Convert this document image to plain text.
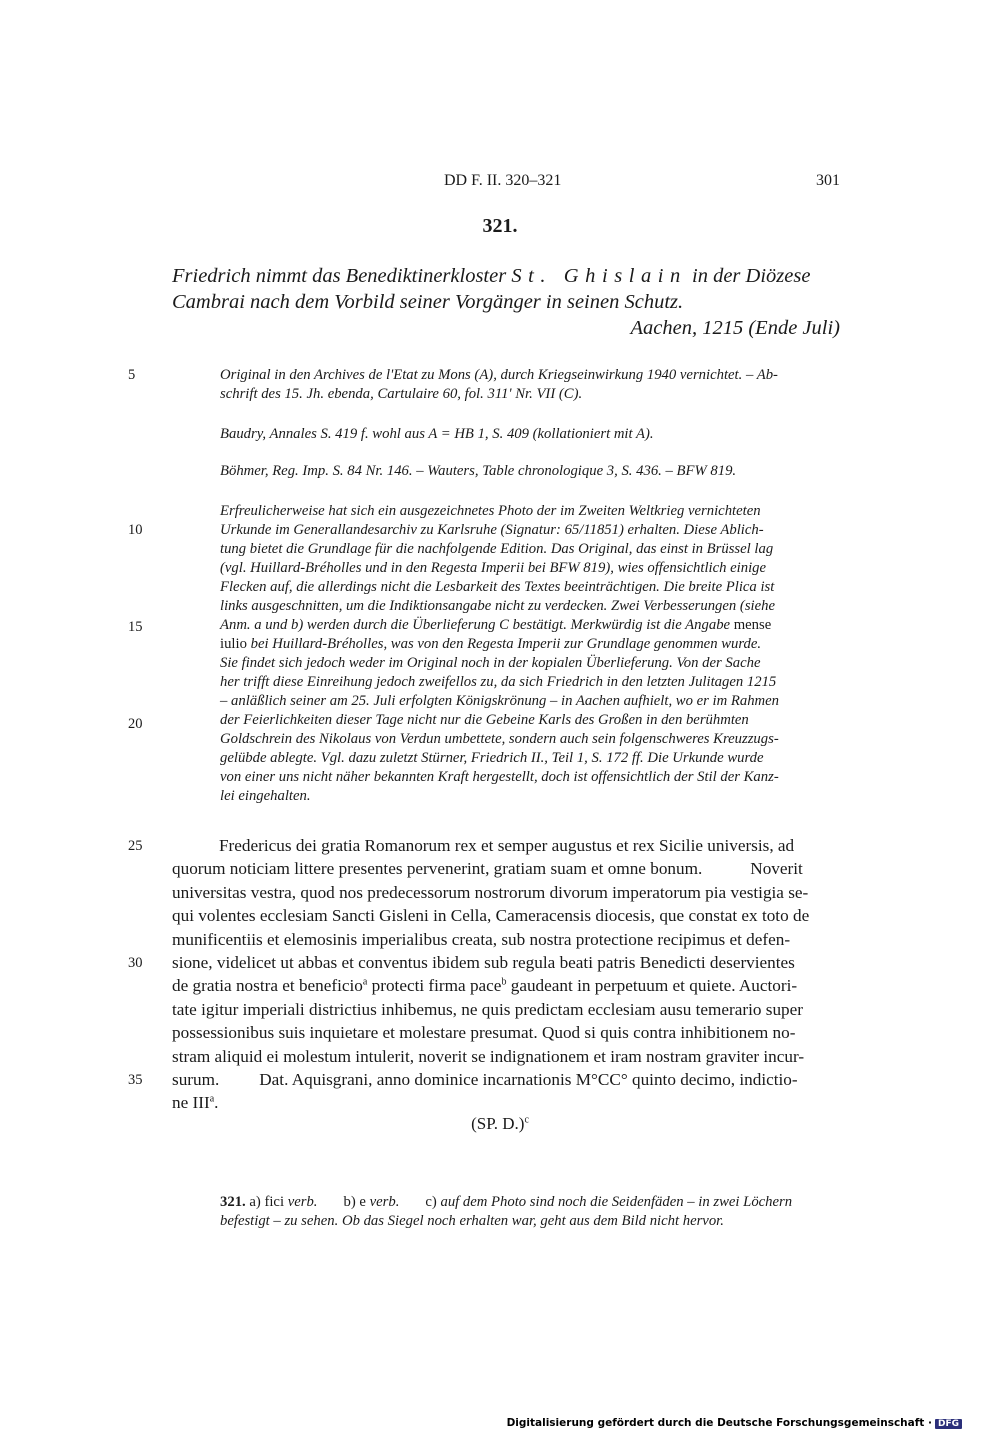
DD F. II. 320–321	301
321.
Friedrich nimmt das Benediktinerkloster St. Ghislain in der Diözese
Cambrai nach dem Vorbild seiner Vorgänger in seinen Schutz.
Aachen, 1215 (Ende Juli)
5
10
15
20
25
30
35
Original in den Archives de l'Etat zu Mons (A), durch Kriegseinwirkung 1940 vernichtet. – Ab-
schrift des 15. Jh. ebenda, Cartulaire 60, fol. 311' Nr. VII (C).
Baudry, Annales S. 419 f. wohl aus A = HB 1, S. 409 (kollationiert mit A).
Böhmer, Reg. Imp. S. 84 Nr. 146. – Wauters, Table chronologique 3, S. 436. – BFW 819.
Erfreulicherweise hat sich ein ausgezeichnetes Photo der im Zweiten Weltkrieg vernichteten
Urkunde im Generallandesarchiv zu Karlsruhe (Signatur: 65/11851) erhalten. Diese Ablich-
tung bietet die Grundlage für die nachfolgende Edition. Das Original, das einst in Brüssel lag
(vgl. Huillard-Bréholles und in den Regesta Imperii bei BFW 819), wies offensichtlich einige
Flecken auf, die allerdings nicht die Lesbarkeit des Textes beeinträchtigen. Die breite Plica ist
links ausgeschnitten, um die Indiktionsangabe nicht zu verdecken. Zwei Verbesserungen (siehe
Anm. a und b) werden durch die Überlieferung C bestätigt. Merkwürdig ist die Angabe mense
iulio bei Huillard-Bréholles, was von den Regesta Imperii zur Grundlage genommen wurde.
Sie findet sich jedoch weder im Original noch in der kopialen Überlieferung. Von der Sache
her trifft diese Einreihung jedoch zweifellos zu, da sich Friedrich in den letzten Julitagen 1215
– anläßlich seiner am 25. Juli erfolgten Königskrönung – in Aachen aufhielt, wo er im Rahmen
der Feierlichkeiten dieser Tage nicht nur die Gebeine Karls des Großen in den berühmten
Goldschrein des Nikolaus von Verdun umbettete, sondern auch sein folgenschweres Kreuzzugs-
gelübde ablegte. Vgl. dazu zuletzt Stürner, Friedrich II., Teil 1, S. 172 ff. Die Urkunde wurde
von einer uns nicht näher bekannten Kraft hergestellt, doch ist offensichtlich der Stil der Kanz-
lei eingehalten.
Fredericus dei gratia Romanorum rex et semper augustus et rex Sicilie universis, ad
quorum noticiam littere presentes pervenerint, gratiam suam et omne bonum.	Noverit
universitas vestra, quod nos predecessorum nostrorum divorum imperatorum pia vestigia se-
qui volentes ecclesiam Sancti Gisleni in Cella, Cameracensis diocesis, que constat ex toto de
munificentiis et elemosinis imperialibus creata, sub nostra protectione recipimus et defen-
sione, videlicet ut abbas et conventus ibidem sub regula beati patris Benedicti deservientes
de gratia nostra et beneficio$^a$ protecti firma pace$^b$ gaudeant in perpetuum et quiete. Auctori-
tate igitur imperiali districtius inhibemus, ne quis predictam ecclesiam ausu temerario super
possessionibus suis inquietare et molestare presumat. Quod si quis contra inhibitionem no-
stram aliquid ei molestum intulerit, noverit se indignationem et iram nostram graviter incur-
surum. Dat. Aquisgrani, anno dominice incarnationis M°CC° quinto decimo, indictio-
ne III$^a$.
(SP. D.)$^c$
321. a) fici verb. b) e verb. c) auf dem Photo sind noch die Seidenfäden – in zwei Löchern
befestigt – zu sehen. Ob das Siegel noch erhalten war, geht aus dem Bild nicht hervor.
Digitalisierung gefördert durch die Deutsche Forschungsgemeinschaft · DFG
